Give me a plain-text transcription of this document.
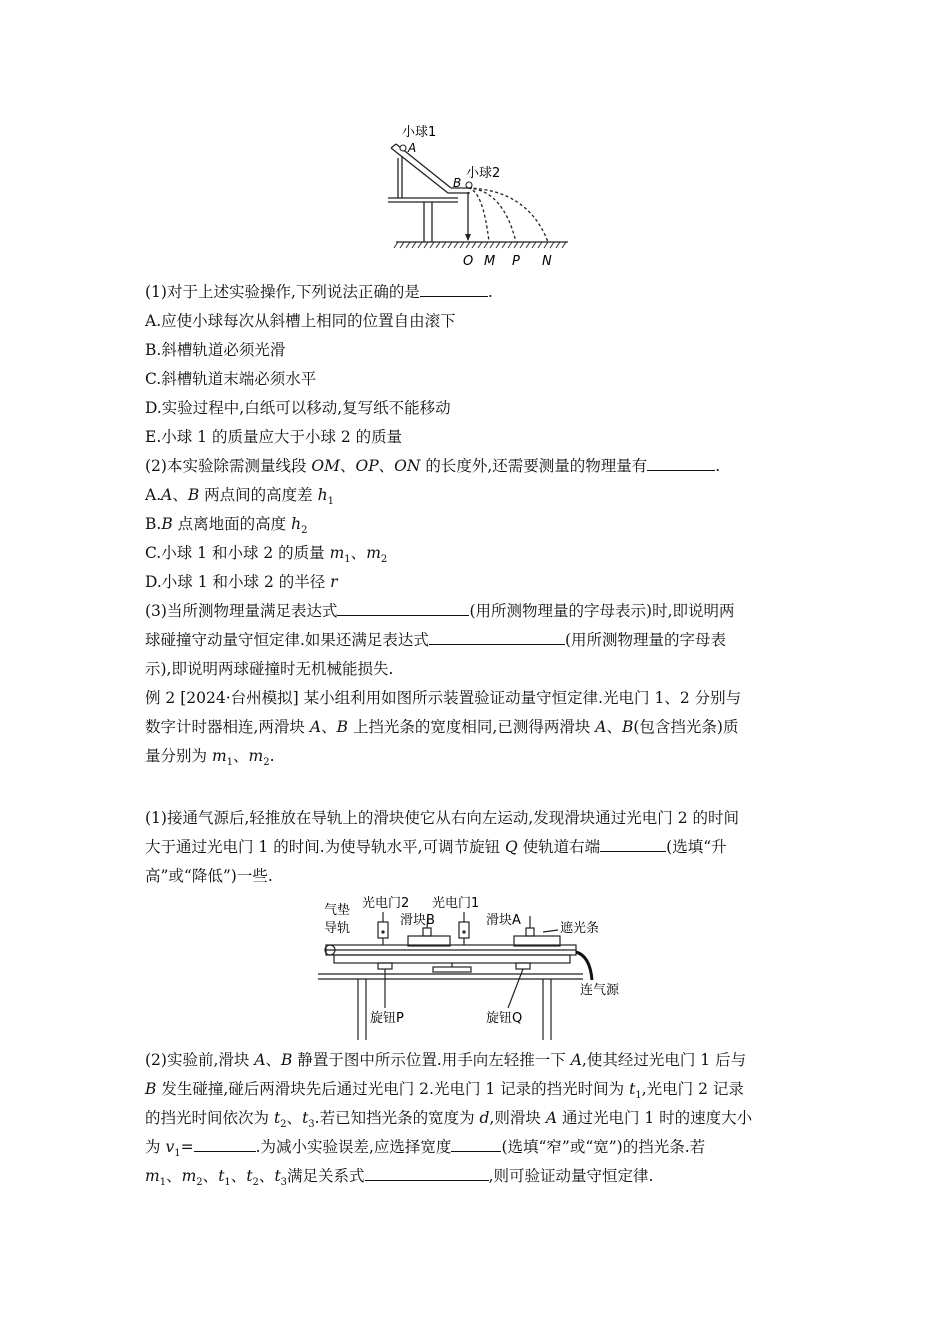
小球1
A
B
小球2
O M P N
(1)对于上述实验操作,下列说法正确的是	.
A.应使小球每次从斜槽上相同的位置自由滚下
B.斜槽轨道必须光滑
C.斜槽轨道末端必须水平
D.实验过程中,白纸可以移动,复写纸不能移动
E.小球 1 的质量应大于小球 2 的质量
(2)本实验除需测量线段 OM、OP、ON 的长度外,还需要测量的物理量有	.
A.A、B 两点间的高度差 $h_1$
B.B 点离地面的高度 $h_2$
C.小球 1 和小球 2 的质量 $m_1$、$m_2$
D.小球 1 和小球 2 的半径 r
(3)当所测物理量满足表达式	(用所测物理量的字母表示)时,即说明两
球碰撞守动量守恒定律.如果还满足表达式	(用所测物理量的字母表
示),即说明两球碰撞时无机械能损失.
例 2 [2024·台州模拟] 某小组利用如图所示装置验证动量守恒定律.光电门 1、2 分别与
数字计时器相连,两滑块 A、B 上挡光条的宽度相同,已测得两滑块 A、B(包含挡光条)质
量分别为 $m_1$、$m_2$.
(1)接通气源后,轻推放在导轨上的滑块使它从右向左运动,发现滑块通过光电门 2 的时间
大于通过光电门 1 的时间.为使导轨水平,可调节旋钮 Q 使轨道右端	(选填“升
高”或“降低”)一些.
气垫
导轨
光电门2 光电门1
滑块B	滑块A
遮光条
连气源
旋钮P	旋钮Q
(2)实验前,滑块 A、B 静置于图中所示位置.用手向左轻推一下 A,使其经过光电门 1 后与
B 发生碰撞,碰后两滑块先后通过光电门 2.光电门 1 记录的挡光时间为 $t_1$,光电门 2 记录
的挡光时间依次为 $t_2$、$t_3$.若已知挡光条的宽度为 d,则滑块 A 通过光电门 1 时的速度大小
为 $v_1=$	.为减小实验误差,应选择宽度	(选填“窄”或“宽”)的挡光条.若
$m_1$、$m_2$、$t_1$、$t_2$、$t_3$满足关系式	,则可验证动量守恒定律.
